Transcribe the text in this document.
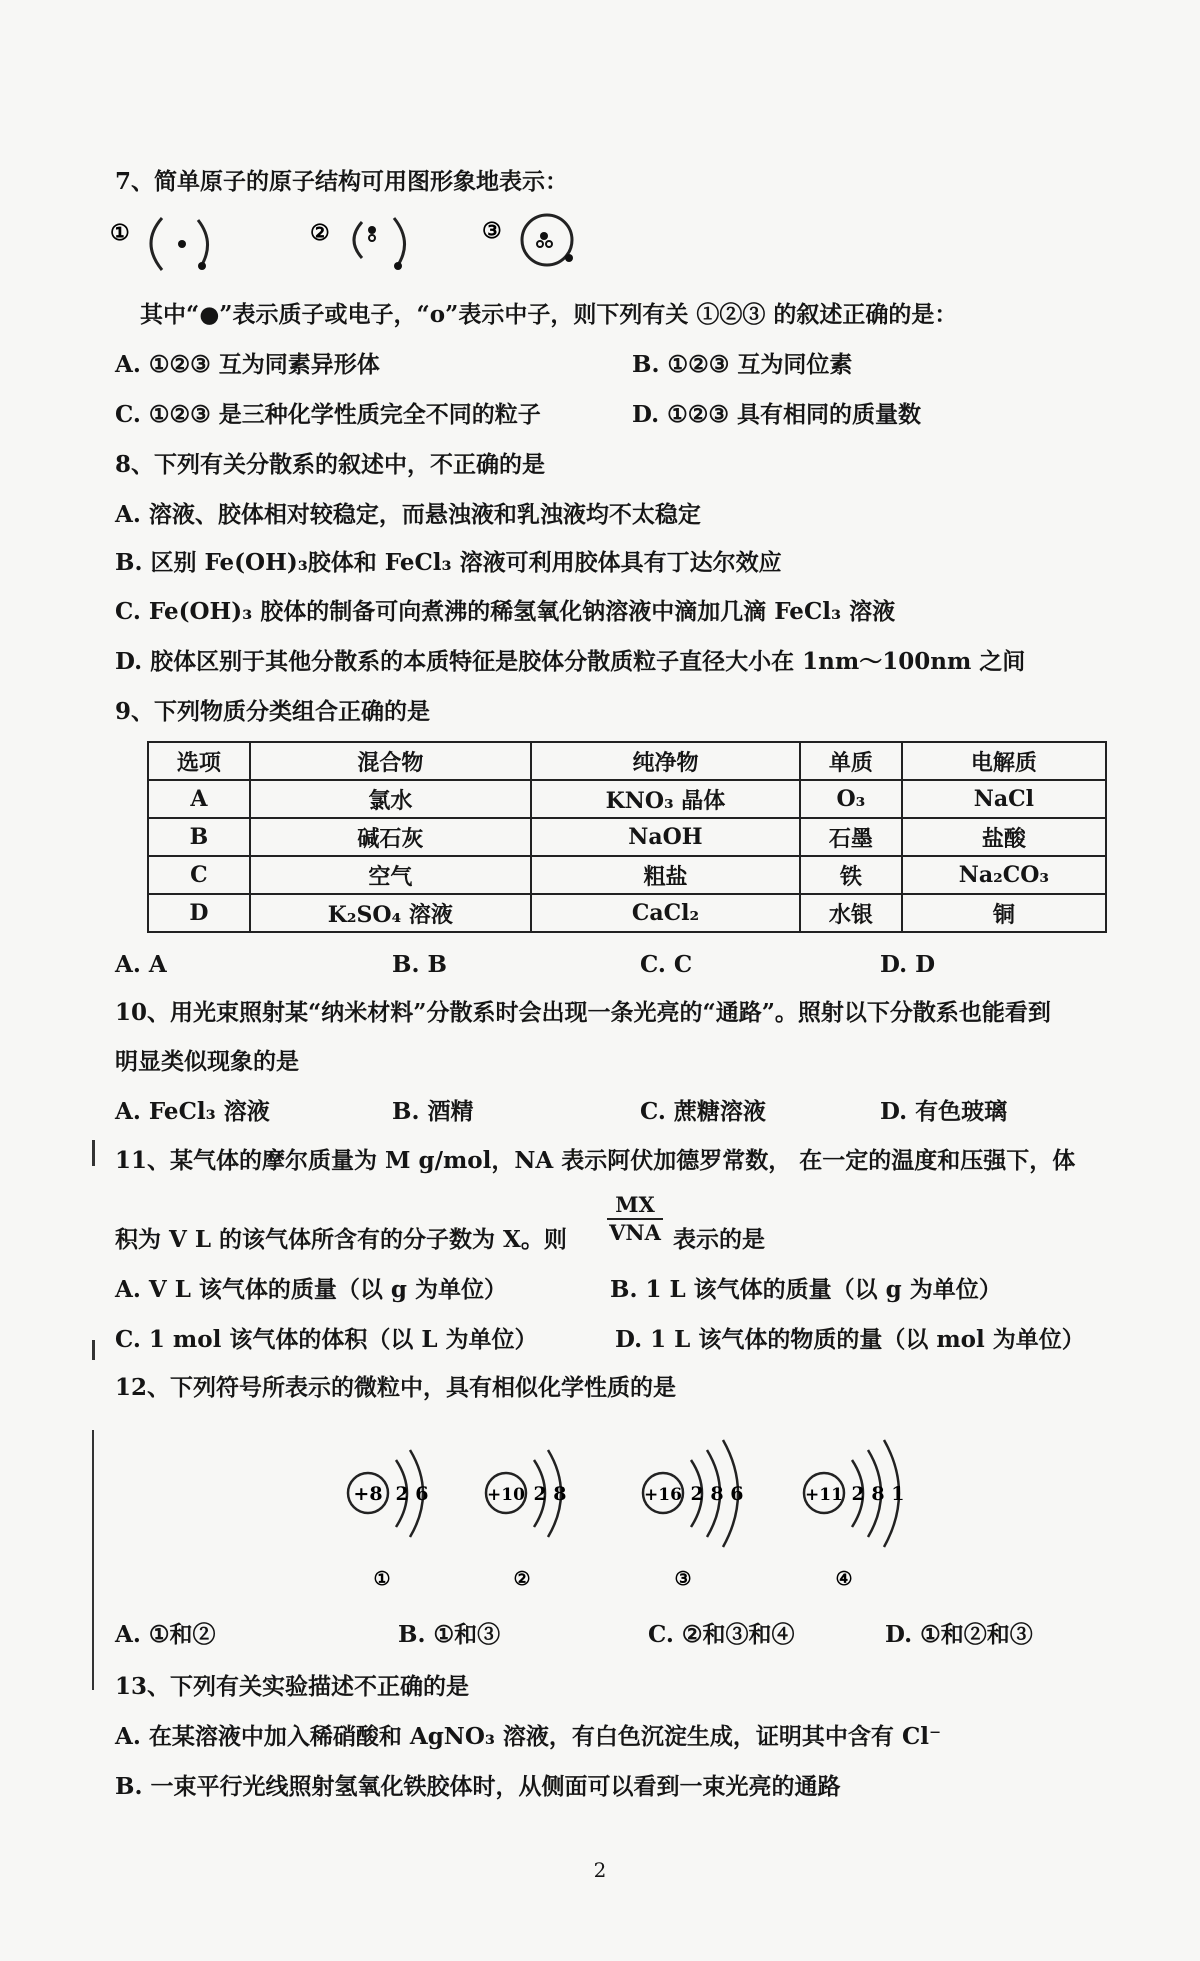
7、简单原子的原子结构可用图形象地表示：
①	②	③
其中“●”表示质子或电子，“o”表示中子，则下列有关 ①②③ 的叙述正确的是：
A. ①②③ 互为同素异形体	B. ①②③ 互为同位素
C. ①②③ 是三种化学性质完全不同的粒子	D. ①②③ 具有相同的质量数
8、下列有关分散系的叙述中，不正确的是
A. 溶液、胶体相对较稳定，而悬浊液和乳浊液均不太稳定
B. 区别 Fe(OH)₃胶体和 FeCl₃ 溶液可利用胶体具有丁达尔效应
C. Fe(OH)₃ 胶体的制备可向煮沸的稀氢氧化钠溶液中滴加几滴 FeCl₃ 溶液
D. 胶体区别于其他分散系的本质特征是胶体分散质粒子直径大小在 1nm～100nm 之间
9、下列物质分类组合正确的是
选项	混合物	纯净物	单质	电解质
A	氯水	KNO₃ 晶体	O₃	NaCl
B	碱石灰	NaOH	石墨	盐酸
C	空气	粗盐	铁	Na₂CO₃
D	K₂SO₄ 溶液	CaCl₂	水银	铜
A. A	B. B	C. C	D. D
10、用光束照射某“纳米材料”分散系时会出现一条光亮的“通路”。照射以下分散系也能看到
明显类似现象的是
A. FeCl₃ 溶液	B. 酒精	C. 蔗糖溶液	D. 有色玻璃
11、某气体的摩尔质量为 M g/mol，NA 表示阿伏加德罗常数， 在一定的温度和压强下，体
积为 V L 的该气体所含有的分子数为 X。则
MX
VNA 表示的是
A. V L 该气体的质量（以 g 为单位）	B. 1 L 该气体的质量（以 g 为单位）
C. 1 mol 该气体的体积（以 L 为单位）	D. 1 L 该气体的物质的量（以 mol 为单位）
12、下列符号所表示的微粒中，具有相似化学性质的是
+8 2 6
①
+10 2 8
②
+16 2 8 6
③
+11 2 8 1
④
A. ①和②	B. ①和③	C. ②和③和④	D. ①和②和③
13、下列有关实验描述不正确的是
A. 在某溶液中加入稀硝酸和 AgNO₃ 溶液，有白色沉淀生成，证明其中含有 Cl⁻
B. 一束平行光线照射氢氧化铁胶体时，从侧面可以看到一束光亮的通路
2
